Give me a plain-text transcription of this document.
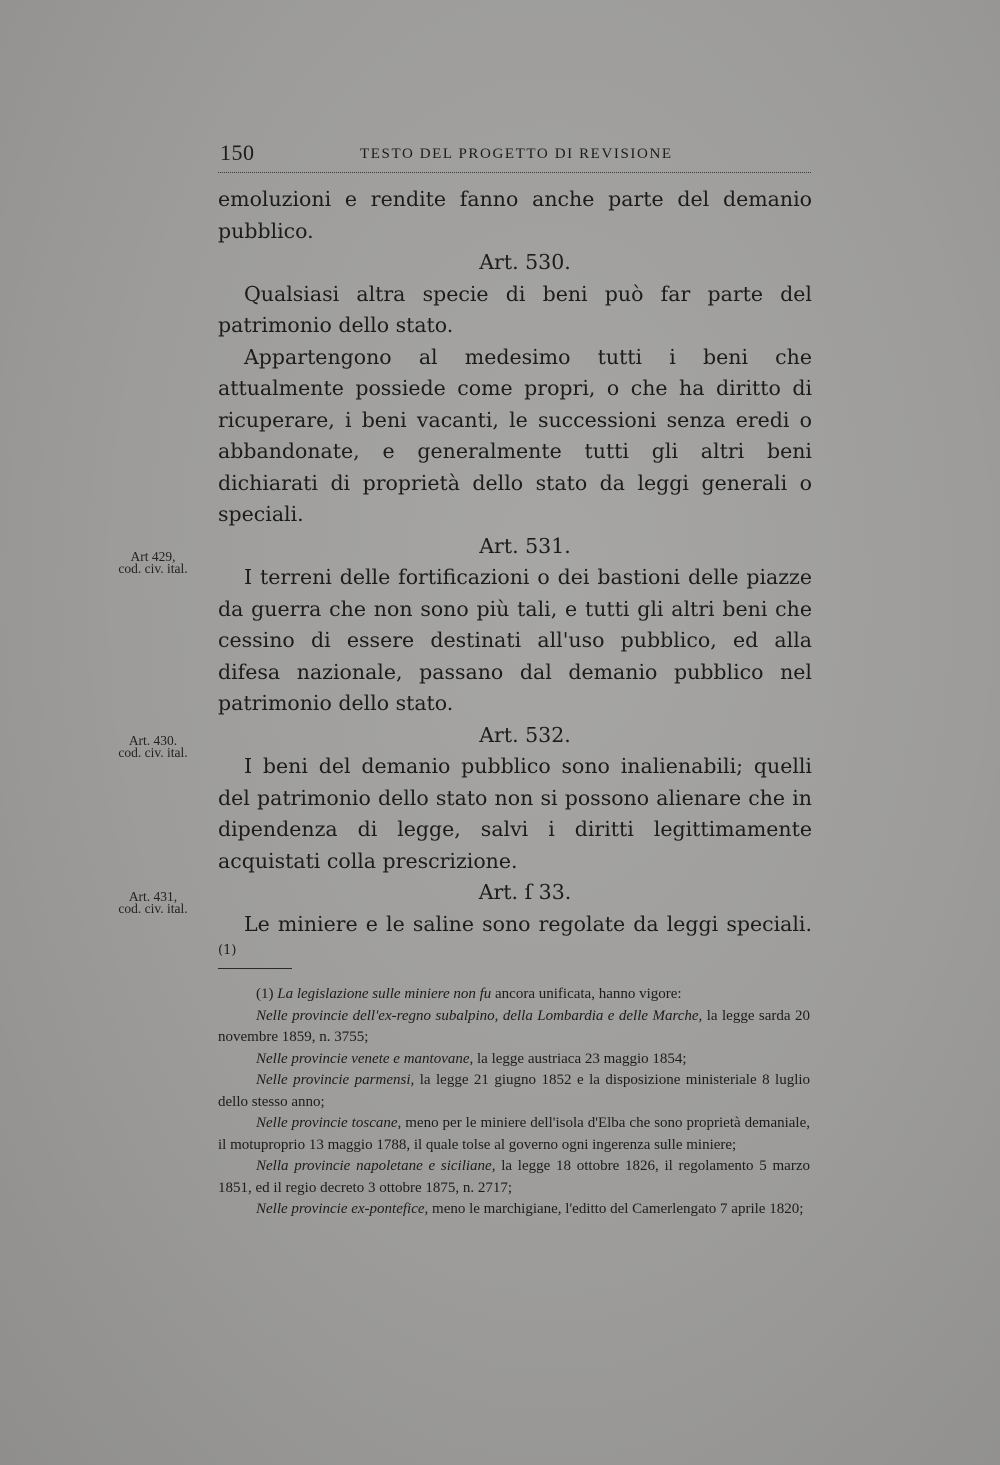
150	TESTO DEL PROGETTO DI REVISIONE

emoluzioni e rendite fanno anche parte del demanio pubblico.

Art. 530.

Qualsiasi altra specie di beni può far parte del patrimonio dello stato.

Appartengono al medesimo tutti i beni che attualmente possiede come propri, o che ha diritto di ricuperare, i beni vacanti, le successioni senza eredi o abbandonate, e generalmente tutti gli altri beni dichiarati di proprietà dello stato da leggi generali o speciali.

Art. 531.

I terreni delle fortificazioni o dei bastioni delle piazze da guerra che non sono più tali, e tutti gli altri beni che cessino di essere destinati all'uso pubblico, ed alla difesa nazionale, passano dal demanio pubblico nel patrimonio dello stato.

Art. 532.

I beni del demanio pubblico sono inalienabili; quelli del patrimonio dello stato non si possono alienare che in dipendenza di legge, salvi i diritti legittimamente acquistati colla prescrizione.

Art. ſ 33.

Le miniere e le saline sono regolate da leggi speciali. $^{(1)}$

Art 429,
cod. civ. ital.
Art. 430.
cod. civ. ital.
Art. 431,
cod. civ. ital.

(1) La legislazione sulle miniere non fu ancora unificata, hanno vigore:

Nelle provincie dell'ex-regno subalpino, della Lombardia e delle Marche, la legge sarda 20 novembre 1859, n. 3755;

Nelle provincie venete e mantovane, la legge austriaca 23 maggio 1854;

Nelle provincie parmensi, la legge 21 giugno 1852 e la disposizione ministeriale 8 luglio dello stesso anno;

Nelle provincie toscane, meno per le miniere dell'isola d'Elba che sono proprietà demaniale, il motuproprio 13 maggio 1788, il quale tolse al governo ogni ingerenza sulle miniere;

Nella provincie napoletane e siciliane, la legge 18 ottobre 1826, il regolamento 5 marzo 1851, ed il regio decreto 3 ottobre 1875, n. 2717;

Nelle provincie ex-pontefice, meno le marchigiane, l'editto del Camerlengato 7 aprile 1820;
